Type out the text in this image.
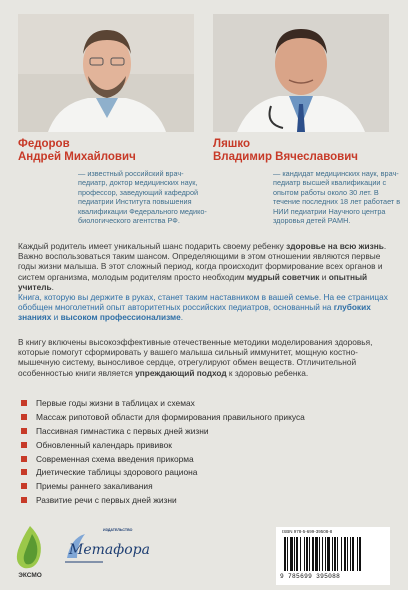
Федоров
Андрей Михайлович
— известный российский врач-педиатр, доктор медицинских наук, профессор, заведующий кафедрой педиатрии Института повышения квалификации Федерального медико-биологического агентства РФ.
Ляшко
Владимир Вячеславович
— кандидат медицинских наук, врач-педиатр высшей квалификации с опытом работы около 30 лет. В течение последних 18 лет работает в НИИ педиатрии Научного центра здоровья детей РАМН.

Каждый родитель имеет уникальный шанс подарить своему ребенку здоровье на всю жизнь. Важно воспользоваться таким шансом. Определяющими в этом отношении являются первые годы жизни малыша. В этот сложный период, когда происходит формирование всех органов и систем организма, молодым родителям просто необходим мудрый советчик и опытный учитель.

Книга, которую вы держите в руках, станет таким наставником в вашей семье. На ее страницах обобщен многолетний опыт авторитетных российских педиатров, основанный на глубоких знаниях и высоком профессионализме.

В книгу включены высокоэффективные отечественные методики моделирования здоровья, которые помогут сформировать у вашего малыша сильный иммунитет, мощную костно-мышечную систему, выносливое сердце, отрегулируют обмен веществ. Отличительной особенностью книги является упреждающий подход к здоровью ребенка.

Первые годы жизни в таблицах и схемах
Массаж рипотовой области для формирования правильного прикуса
Пассивная гимнастика с первых дней жизни
Обновленный календарь прививок
Современная схема введения прикорма
Диетические таблицы здорового рациона
Приемы раннего закаливания
Развитие речи с первых дней жизни
ЭКСМО
ИЗДАТЕЛЬСТВО
Метафора
ISBN 978-5-699-39508-8
9 785699 395088
